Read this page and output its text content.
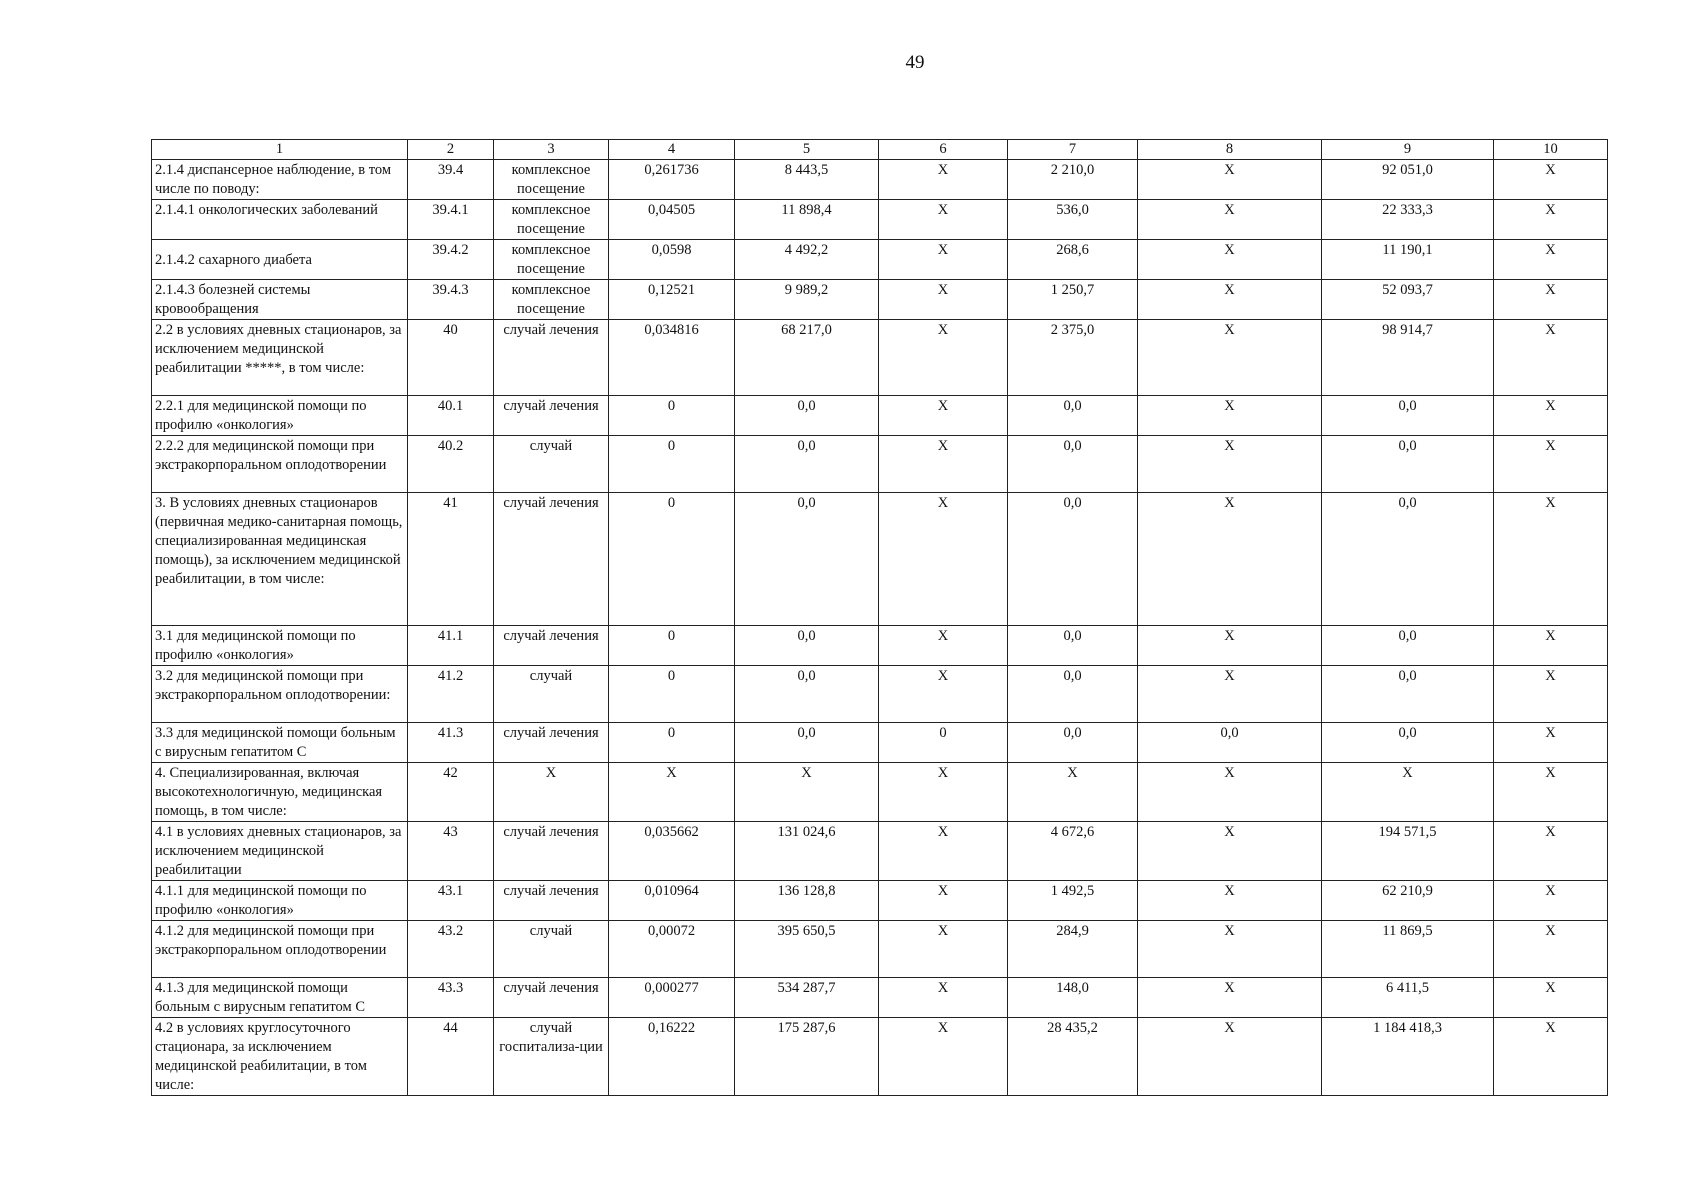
49
1	2	3	4	5	6	7	8	9	10
2.1.4 диспансерное наблюдение, в том числе по поводу:	39.4	комплексное посещение	0,261736	8 443,5	Х	2 210,0	Х	92 051,0	Х
2.1.4.1 онкологических заболеваний	39.4.1	комплексное посещение	0,04505	11 898,4	Х	536,0	Х	22 333,3	Х
2.1.4.2 сахарного диабета	39.4.2	комплексное посещение	0,0598	4 492,2	Х	268,6	Х	11 190,1	Х
2.1.4.3 болезней системы кровообращения	39.4.3	комплексное посещение	0,12521	9 989,2	Х	1 250,7	Х	52 093,7	Х
2.2 в условиях дневных стационаров, за исключением медицинской реабилитации *****, в том числе:	40	случай лечения	0,034816	68 217,0	Х	2 375,0	Х	98 914,7	Х
2.2.1 для медицинской помощи по профилю «онкология»	40.1	случай лечения	0	0,0	Х	0,0	Х	0,0	Х
2.2.2 для медицинской помощи при экстракорпоральном оплодотворении	40.2	случай	0	0,0	Х	0,0	Х	0,0	Х
3. В условиях дневных стационаров (первичная медико-санитарная помощь, специализированная медицинская помощь), за исключением медицинской реабилитации, в том числе:	41	случай лечения	0	0,0	Х	0,0	Х	0,0	Х
3.1 для медицинской помощи по профилю «онкология»	41.1	случай лечения	0	0,0	Х	0,0	Х	0,0	Х
3.2 для медицинской помощи при экстракорпоральном оплодотворении:	41.2	случай	0	0,0	Х	0,0	Х	0,0	Х
3.3 для медицинской помощи больным с вирусным гепатитом С	41.3	случай лечения	0	0,0	0	0,0	0,0	0,0	Х
4. Специализированная, включая высокотехнологичную, медицинская помощь, в том числе:	42	Х	Х	Х	Х	Х	Х	Х	Х
4.1 в условиях дневных стационаров, за исключением медицинской реабилитации	43	случай лечения	0,035662	131 024,6	Х	4 672,6	Х	194 571,5	Х
4.1.1 для медицинской помощи по профилю «онкология»	43.1	случай лечения	0,010964	136 128,8	Х	1 492,5	Х	62 210,9	Х
4.1.2 для медицинской помощи при экстракорпоральном оплодотворении	43.2	случай	0,00072	395 650,5	Х	284,9	Х	11 869,5	Х
4.1.3 для медицинской помощи больным с вирусным гепатитом С	43.3	случай лечения	0,000277	534 287,7	Х	148,0	Х	6 411,5	Х
4.2 в условиях круглосуточного стационара, за исключением медицинской реабилитации, в том числе:	44	случай госпитализа-ции	0,16222	175 287,6	Х	28 435,2	Х	1 184 418,3	Х
